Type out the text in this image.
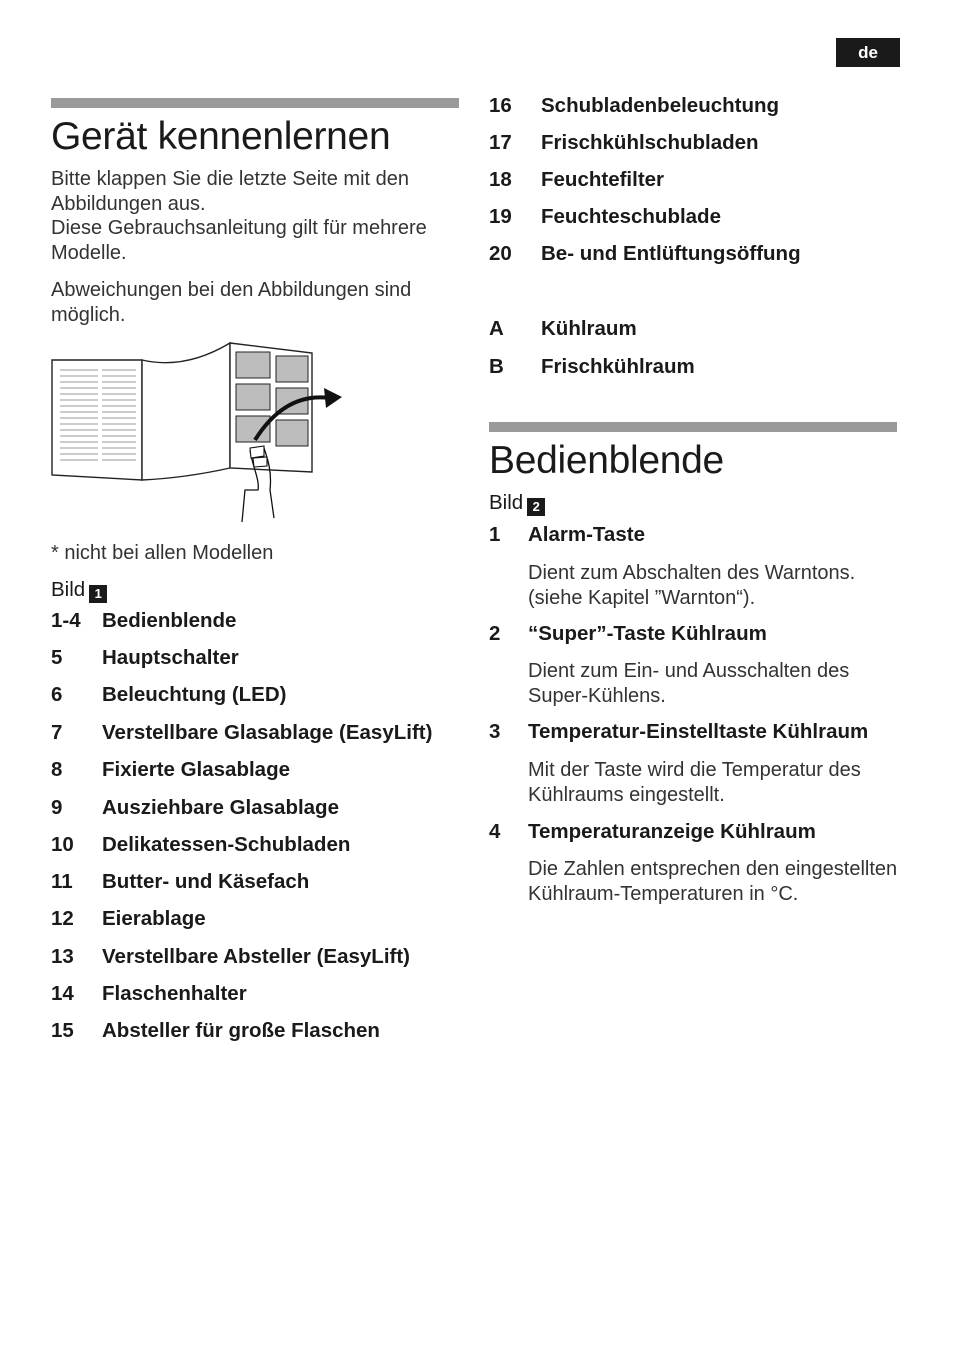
de
Gerät kennenlernen
Bitte klappen Sie die letzte Seite mit den Abbildungen aus.
Diese Gebrauchsanleitung gilt für mehrere Modelle.
Abweichungen bei den Abbildungen sind möglich.
* nicht bei allen Modellen
Bild 1
1-4 Bedienblende
5 Hauptschalter
6 Beleuchtung (LED)
7 Verstellbare Glasablage (EasyLift)
8 Fixierte Glasablage
9 Ausziehbare Glasablage
10 Delikatessen-Schubladen
11 Butter- und Käsefach
12 Eierablage
13 Verstellbare Absteller (EasyLift)
14 Flaschenhalter
15 Absteller für große Flaschen
16 Schubladenbeleuchtung
17 Frischkühlschubladen
18 Feuchtefilter
19 Feuchteschublade
20 Be- und Entlüftungsöffung
A Kühlraum
B Frischkühlraum
Bedienblende
Bild 2
1 Alarm-Taste
Dient zum Abschalten des Warntons. (siehe Kapitel ”Warnton“).
2 “Super”-Taste Kühlraum
Dient zum Ein- und Ausschalten des Super-Kühlens.
3 Temperatur-Einstelltaste Kühlraum
Mit der Taste wird die Temperatur des Kühlraums eingestellt.
4 Temperaturanzeige Kühlraum
Die Zahlen entsprechen den eingestellten Kühlraum-Temperaturen in °C.
